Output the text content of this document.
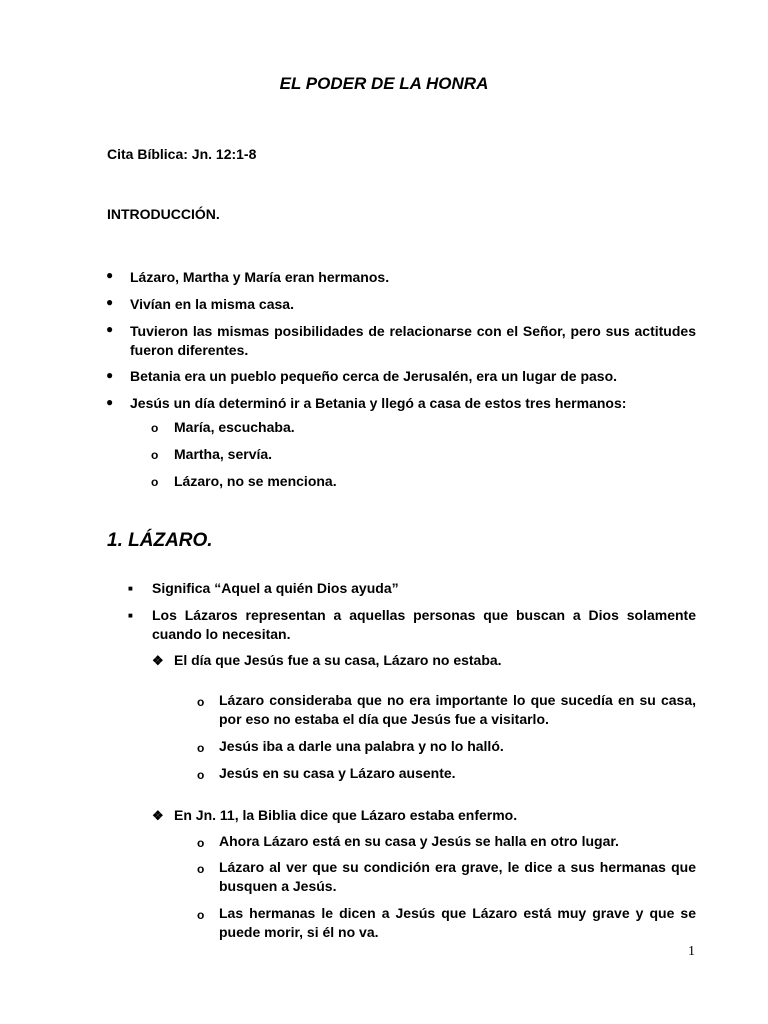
EL PODER DE LA HONRA

Cita Bíblica: Jn. 12:1-8

INTRODUCCIÓN.

● Lázaro, Martha y María eran hermanos.
● Vivían en la misma casa.
● Tuvieron las mismas posibilidades de relacionarse con el Señor, pero sus actitudes fueron diferentes.
● Betania era un pueblo pequeño cerca de Jerusalén, era un lugar de paso.
● Jesús un día determinó ir a Betania y llegó a casa de estos tres hermanos:
o María, escuchaba.
o Martha, servía.
o Lázaro, no se menciona.

1. LÁZARO.

■ Significa “Aquel a quién Dios ayuda”
■ Los Lázaros representan a aquellas personas que buscan a Dios solamente cuando lo necesitan.
❖ El día que Jesús fue a su casa, Lázaro no estaba.
o Lázaro consideraba que no era importante lo que sucedía en su casa, por eso no estaba el día que Jesús fue a visitarlo.
o Jesús iba a darle una palabra y no lo halló.
o Jesús en su casa y Lázaro ausente.
❖ En Jn. 11, la Biblia dice que Lázaro estaba enfermo.
o Ahora Lázaro está en su casa y Jesús se halla en otro lugar.
o Lázaro al ver que su condición era grave, le dice a sus hermanas que busquen a Jesús.
o Las hermanas le dicen a Jesús que Lázaro está muy grave y que se puede morir, si él no va.

1
